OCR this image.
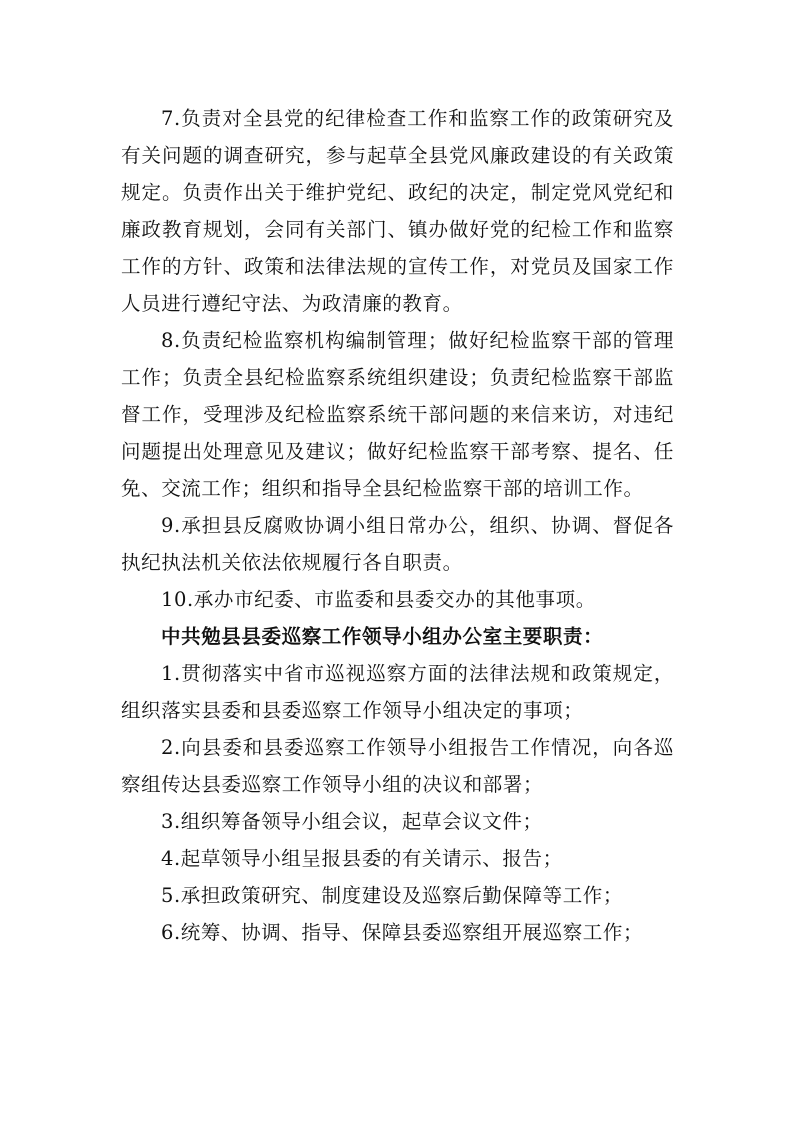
7.负责对全县党的纪律检查工作和监察工作的政策研究及有关问题的调查研究，参与起草全县党风廉政建设的有关政策规定。负责作出关于维护党纪、政纪的决定，制定党风党纪和廉政教育规划，会同有关部门、镇办做好党的纪检工作和监察工作的方针、政策和法律法规的宣传工作，对党员及国家工作人员进行遵纪守法、为政清廉的教育。

8.负责纪检监察机构编制管理；做好纪检监察干部的管理工作；负责全县纪检监察系统组织建设；负责纪检监察干部监督工作，受理涉及纪检监察系统干部问题的来信来访，对违纪问题提出处理意见及建议；做好纪检监察干部考察、提名、任免、交流工作；组织和指导全县纪检监察干部的培训工作。

9.承担县反腐败协调小组日常办公，组织、协调、督促各执纪执法机关依法依规履行各自职责。

10.承办市纪委、市监委和县委交办的其他事项。

中共勉县县委巡察工作领导小组办公室主要职责：

1.贯彻落实中省市巡视巡察方面的法律法规和政策规定， 组织落实县委和县委巡察工作领导小组决定的事项；

2.向县委和县委巡察工作领导小组报告工作情况，向各巡察组传达县委巡察工作领导小组的决议和部署；

3.组织筹备领导小组会议，起草会议文件；

4.起草领导小组呈报县委的有关请示、报告；

5.承担政策研究、制度建设及巡察后勤保障等工作；

6.统筹、协调、指导、保障县委巡察组开展巡察工作；
